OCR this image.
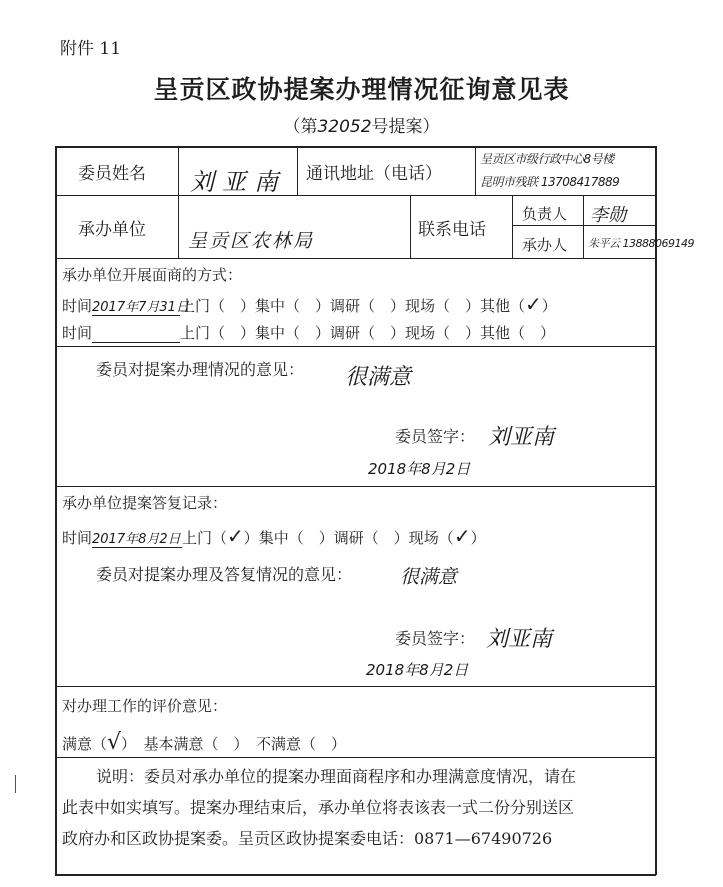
附件 11
呈贡区政协提案办理情况征询意见表
（第32052号提案）
委员姓名 刘亚南 通讯地址（电话）
呈贡区市级行政中心8号楼
昆明市残联 13708417889
承办单位 呈贡区农林局	联系电话
负责人 李勋
承办人 朱平云 13888069149
承办单位开展面商的方式：
时间2017年7月31日上门（　）集中（　）调研（　）现场（　）其他（✓）
时间	上门（　）集中（　）调研（　）现场（　）其他（　）
委员对提案办理情况的意见： 很满意
委员签字： 刘亚南
2018年8月2日
承办单位提案答复记录：
时间2017年8月2日上门（✓）集中（　）调研（　）现场（✓）
委员对提案办理及答复情况的意见：	很满意
委员签字： 刘亚南
2018年8月2日
对办理工作的评价意见：
满意（√）　基本满意（　）　不满意（　）
说明：委员对承办单位的提案办理面商程序和办理满意度情况，请在
此表中如实填写。提案办理结束后，承办单位将表该表一式二份分别送区
政府办和区政协提案委。呈贡区政协提案委电话：0871—67490726
